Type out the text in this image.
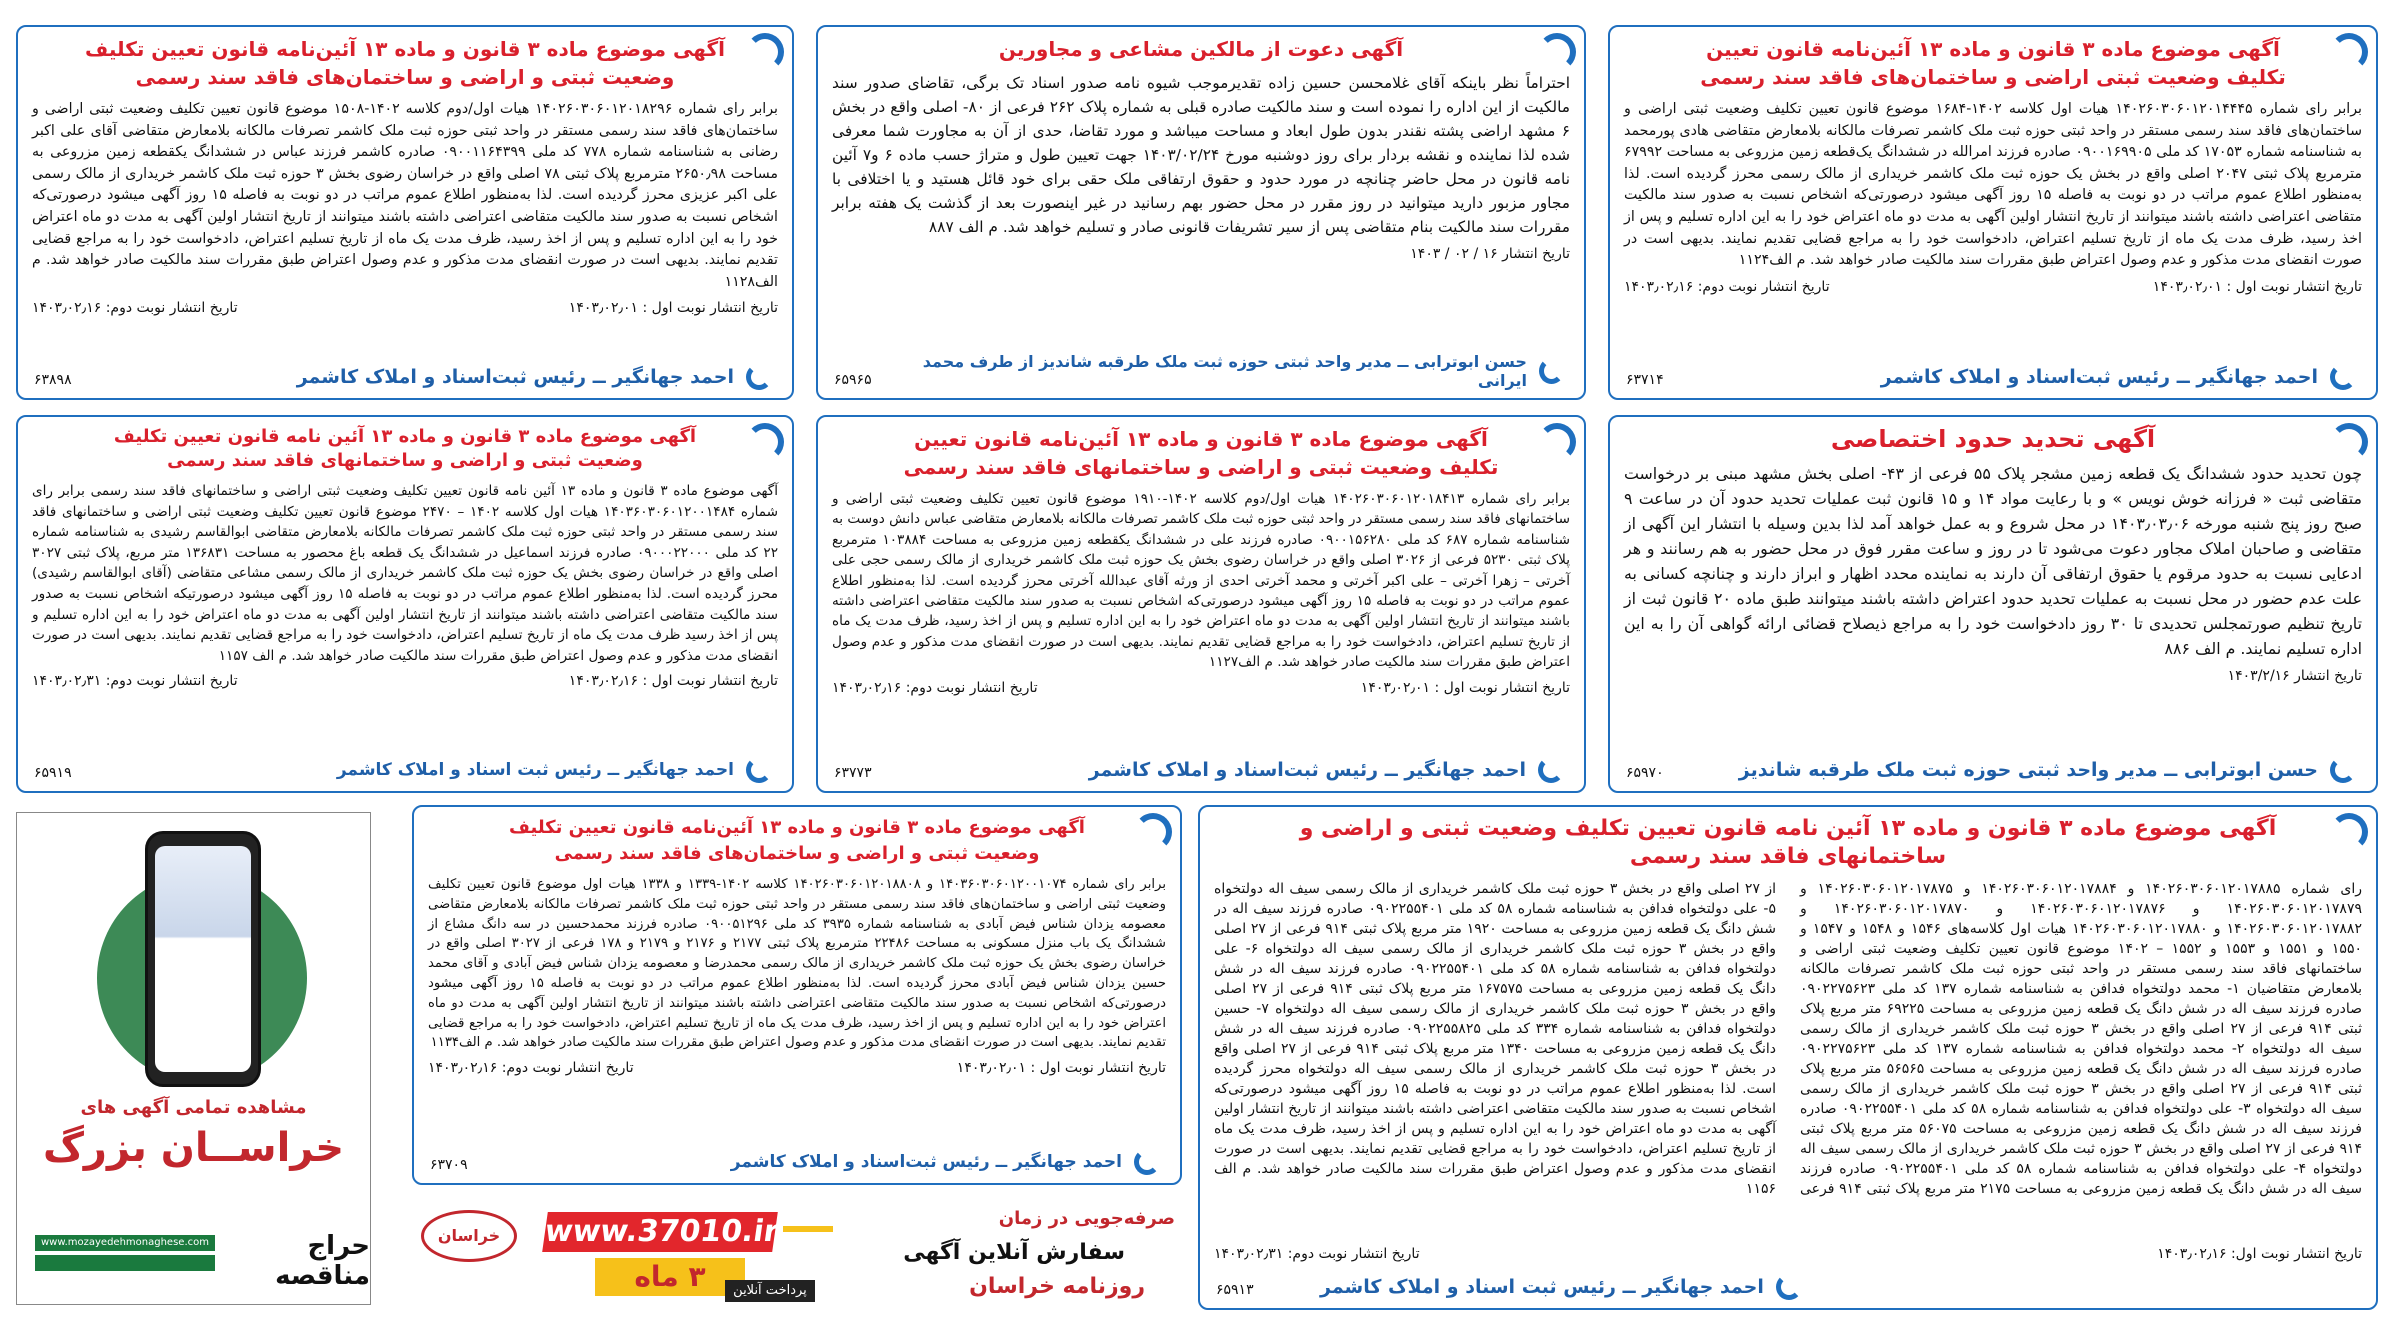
آگهی موضوع ماده ۳ قانون و ماده ۱۳ آئین‌نامه قانون تعیین تکلیف وضعیت ثبتی اراضی و ساختمان‌های فاقد سند رسمی
برابر رای شماره ۱۴۰۲۶۰۳۰۶۰۱۲۰۱۴۴۴۵ هیات اول کلاسه ۱۴۰۲-۱۶۸۴ موضوع قانون تعیین تکلیف وضعیت ثبتی اراضی و ساختمان‌های فاقد سند رسمی مستقر در واحد ثبتی حوزه ثبت ملک کاشمر تصرفات مالکانه بلامعارض متقاضی هادی پورمحمد به شناسنامه شماره ۱۷۰۵۳ کد ملی ۰۹۰۰۱۶۹۹۰۵ صادره فرزند امرالله در ششدانگ یک‌قطعه زمین مزروعی به مساحت ۶۷۹۹۲ مترمربع پلاک ثبتی ۲۰۴۷ اصلی واقع در بخش یک حوزه ثبت ملک کاشمر خریداری از مالک رسمی محرز گردیده است. لذا به‌منظور اطلاع عموم مراتب در دو نوبت به فاصله ۱۵ روز آگهی میشود درصورتی‌که اشخاص نسبت به صدور سند مالکیت متقاضی اعتراضی داشته باشند میتوانند از تاریخ انتشار اولین آگهی به مدت دو ماه اعتراض خود را به این اداره تسلیم و پس از اخذ رسید، ظرف مدت یک ماه از تاریخ تسلیم اعتراض، دادخواست خود را به مراجع قضایی تقدیم نمایند. بدیهی است در صورت انقضای مدت مذکور و عدم وصول اعتراض طبق مقررات سند مالکیت صادر خواهد شد. م الف۱۱۲۴
تاریخ انتشار نوبت اول : ۱۴۰۳٫۰۲٫۰۱
تاریخ انتشار نوبت دوم: ۱۴۰۳٫۰۲٫۱۶
احمد جهانگیر ــ رئیس ثبت‌اسناد و املاک کاشمر
۶۳۷۱۴
آگهی دعوت از مالکین مشاعی و مجاورین
احتراماً نظر باینکه آقای غلامحسن حسین زاده تقدیرموجب شیوه نامه صدور اسناد تک برگی، تقاضای صدور سند مالکیت از این اداره را نموده است و سند مالکیت صادره قبلی به شماره پلاک ۲۶۲ فرعی از ۸۰- اصلی واقع در بخش ۶ مشهد اراضی پشته نقندر بدون طول ابعاد و مساحت میباشد و مورد تقاضا، حدی از آن به مجاورت شما معرفی شده لذا نماینده و نقشه بردار برای روز دوشنبه مورخ ۱۴۰۳/۰۲/۲۴ جهت تعیین طول و متراژ حسب ماده ۶ و۷ آئین نامه قانون در محل حاضر چنانچه در مورد حدود و حقوق ارتفاقی ملک حقی برای خود قائل هستید و یا اختلافی با مجاور مزبور دارید میتوانید در روز مقرر در محل حضور بهم رسانید در غیر اینصورت بعد از گذشت یک هفته برابر مقررات سند مالکیت بنام متقاضی پس از سیر تشریفات قانونی صادر و تسلیم خواهد شد. م الف ۸۸۷
تاریخ انتشار ۱۶ / ۰۲ / ۱۴۰۳
حسن ابوترابی ــ مدیر واحد ثبتی حوزه ثبت ملک طرقبه شاندیز از طرف محمد ایرانی
۶۵۹۶۵
آگهی موضوع ماده ۳ قانون و ماده ۱۳ آئین‌نامه قانون تعیین تکلیف وضعیت ثبتی و اراضی و ساختمان‌های فاقد سند رسمی
برابر رای شماره ۱۴۰۲۶۰۳۰۶۰۱۲۰۱۸۲۹۶ هیات اول/دوم کلاسه ۱۴۰۲-۱۵۰۸ موضوع قانون تعیین تکلیف وضعیت ثبتی اراضی و ساختمان‌های فاقد سند رسمی مستقر در واحد ثبتی حوزه ثبت ملک کاشمر تصرفات مالکانه بلامعارض متقاضی آقای علی اکبر رضانی به شناسنامه شماره ۷۷۸ کد ملی ۰۹۰۰۱۱۶۴۳۹۹ صادره کاشمر فرزند عباس در ششدانگ یکقطعه زمین مزروعی به مساحت ۲۶۵۰٫۹۸ مترمربع پلاک ثبتی ۷۸ اصلی واقع در خراسان رضوی بخش ۳ حوزه ثبت ملک کاشمر خریداری از مالک رسمی علی اکبر عزیزی محرز گردیده است. لذا به‌منظور اطلاع عموم مراتب در دو نوبت به فاصله ۱۵ روز آگهی میشود درصورتی‌که اشخاص نسبت به صدور سند مالکیت متقاضی اعتراضی داشته باشند میتوانند از تاریخ انتشار اولین آگهی به مدت دو ماه اعتراض خود را به این اداره تسلیم و پس از اخذ رسید، ظرف مدت یک ماه از تاریخ تسلیم اعتراض، دادخواست خود را به مراجع قضایی تقدیم نمایند. بدیهی است در صورت انقضای مدت مذکور و عدم وصول اعتراض طبق مقررات سند مالکیت صادر خواهد شد. م الف۱۱۲۸
تاریخ انتشار نوبت اول : ۱۴۰۳٫۰۲٫۰۱
تاریخ انتشار نوبت دوم: ۱۴۰۳٫۰۲٫۱۶
احمد جهانگیر ــ رئیس ثبت‌اسناد و املاک کاشمر
۶۳۸۹۸
آگهی تحدید حدود اختصاصی
چون تحدید حدود ششدانگ یک قطعه زمین مشجر پلاک ۵۵ فرعی از ۴۳- اصلی بخش مشهد مبنی بر درخواست متقاضی ثبت « فرزانه خوش نویس » و با رعایت مواد ۱۴ و ۱۵ قانون ثبت عملیات تحدید حدود آن در ساعت ۹ صبح روز پنج شنبه مورخه ۱۴۰۳٫۰۳٫۰۶ در محل شروع و به عمل خواهد آمد لذا بدین وسیله با انتشار این آگهی از متقاضی و صاحبان املاک مجاور دعوت می‌شود تا در روز و ساعت مقرر فوق در محل حضور به هم رسانند و هر ادعایی نسبت به حدود مرقوم یا حقوق ارتفاقی آن دارند به نماینده محدد اظهار و ابراز دارند و چنانچه کسانی به علت عدم حضور در محل نسبت به عملیات تحدید حدود اعتراض داشته باشند میتوانند طبق ماده ۲۰ قانون ثبت از تاریخ تنظیم صورتمجلس تحدیدی تا ۳۰ روز دادخواست خود را به مراجع ذیصلاح قضائی ارائه گواهی آن را به این اداره تسلیم نمایند. م الف ۸۸۶
تاریخ انتشار ۱۴۰۳/۲/۱۶
حسن ابوترابی ــ مدیر واحد ثبتی حوزه ثبت ملک طرقبه شاندیز
۶۵۹۷۰
آگهی موضوع ماده ۳ قانون و ماده ۱۳ آئین‌نامه قانون تعیین تکلیف وضعیت ثبتی و اراضی و ساختمانهای فاقد سند رسمی
برابر رای شماره ۱۴۰۲۶۰۳۰۶۰۱۲۰۱۸۴۱۳ هیات اول/دوم کلاسه ۱۴۰۲-۱۹۱۰ موضوع قانون تعیین تکلیف وضعیت ثبتی اراضی و ساختمانهای فاقد سند رسمی مستقر در واحد ثبتی حوزه ثبت ملک کاشمر تصرفات مالکانه بلامعارض متقاضی عباس دانش دوست به شناسنامه شماره ۶۸۷ کد ملی ۰۹۰۰۱۵۶۲۸۰ صادره فرزند علی در ششدانگ یکقطعه زمین مزروعی به مساحت ۱۰۳۸۸۴ مترمربع پلاک ثبتی ۵۲۳۰ فرعی از ۳۰۲۶ اصلی واقع در خراسان رضوی بخش یک حوزه ثبت ملک کاشمر خریداری از مالک رسمی حجی علی آخرتی – زهرا آخرتی – علی اکبر آخرتی و محمد آخرتی احدی از ورثه آقای عبدالله آخرتی محرز گردیده است. لذا به‌منظور اطلاع عموم مراتب در دو نوبت به فاصله ۱۵ روز آگهی میشود درصورتی‌که اشخاص نسبت به صدور سند مالکیت متقاضی اعتراضی داشته باشند میتوانند از تاریخ انتشار اولین آگهی به مدت دو ماه اعتراض خود را به این اداره تسلیم و پس از اخذ رسید، ظرف مدت یک ماه از تاریخ تسلیم اعتراض، دادخواست خود را به مراجع قضایی تقدیم نمایند. بدیهی است در صورت انقضای مدت مذکور و عدم وصول اعتراض طبق مقررات سند مالکیت صادر خواهد شد. م الف۱۱۲۷
تاریخ انتشار نوبت اول : ۱۴۰۳٫۰۲٫۰۱
تاریخ انتشار نوبت دوم: ۱۴۰۳٫۰۲٫۱۶
احمد جهانگیر ــ رئیس ثبت‌اسناد و املاک کاشمر
۶۳۷۷۳
آگهی موضوع ماده ۳ قانون و ماده ۱۳ آئین نامه قانون تعیین تکلیف وضعیت ثبتی و اراضی و ساختمانهای فاقد سند رسمی
آگهی موضوع ماده ۳ قانون و ماده ۱۳ آئین نامه قانون تعیین تکلیف وضعیت ثبتی اراضی و ساختمانهای فاقد سند رسمی برابر رای شماره ۱۴۰۳۶۰۳۰۶۰۱۲۰۰۱۴۸۴ هیات اول کلاسه ۱۴۰۲ – ۲۴۷۰ موضوع قانون تعیین تکلیف وضعیت ثبتی اراضی و ساختمانهای فاقد سند رسمی مستقر در واحد ثبتی حوزه ثبت ملک کاشمر تصرفات مالکانه بلامعارض متقاضی ابوالقاسم رشیدی به شناسنامه شماره ۲۲ کد ملی ۰۹۰۰۰۲۲۰۰۰ صادره فرزند اسماعیل در ششدانگ یک قطعه باغ محصور به مساحت ۱۳۶۸۳۱ متر مربع، پلاک ثبتی ۳۰۲۷ اصلی واقع در خراسان رضوی بخش یک حوزه ثبت ملک کاشمر خریداری از مالک رسمی مشاعی متقاضی (آقای ابوالقاسم رشیدی) محرز گردیده است. لذا به‌منظور اطلاع عموم مراتب در دو نوبت به فاصله ۱۵ روز آگهی میشود درصورتیکه اشخاص نسبت به صدور سند مالکیت متقاضی اعتراضی داشته باشند میتوانند از تاریخ انتشار اولین آگهی به مدت دو ماه اعتراض خود را به این اداره تسلیم و پس از اخذ رسید ظرف مدت یک ماه از تاریخ تسلیم اعتراض، دادخواست خود را به مراجع قضایی تقدیم نمایند. بدیهی است در صورت انقضای مدت مذکور و عدم وصول اعتراض طبق مقررات سند مالکیت صادر خواهد شد. م الف ۱۱۵۷
تاریخ انتشار نوبت اول : ۱۴۰۳٫۰۲٫۱۶
تاریخ انتشار نوبت دوم: ۱۴۰۳٫۰۲٫۳۱
احمد جهانگیر ــ رئیس ثبت اسناد و املاک کاشمر
۶۵۹۱۹
آگهی موضوع ماده ۳ قانون و ماده ۱۳ آئین نامه قانون تعیین تکلیف وضعیت ثبتی و اراضی و ساختمانهای فاقد سند رسمی
رای شماره ۱۴۰۲۶۰۳۰۶۰۱۲۰۱۷۸۸۵ و ۱۴۰۲۶۰۳۰۶۰۱۲۰۱۷۸۸۴ و ۱۴۰۲۶۰۳۰۶۰۱۲۰۱۷۸۷۵ و ۱۴۰۲۶۰۳۰۶۰۱۲۰۱۷۸۷۹ و ۱۴۰۲۶۰۳۰۶۰۱۲۰۱۷۸۷۶ و ۱۴۰۲۶۰۳۰۶۰۱۲۰۱۷۸۷۰ و ۱۴۰۲۶۰۳۰۶۰۱۲۰۱۷۸۸۲ و ۱۴۰۲۶۰۳۰۶۰۱۲۰۱۷۸۸۰ هیات اول کلاسه‌های ۱۵۴۶ و ۱۵۴۸ و ۱۵۴۷ و ۱۵۵۰ و ۱۵۵۱ و ۱۵۵۳ و ۱۵۵۲ – ۱۴۰۲ موضوع قانون تعیین تکلیف وضعیت ثبتی اراضی و ساختمانهای فاقد سند رسمی مستقر در واحد ثبتی حوزه ثبت ملک کاشمر تصرفات مالکانه بلامعارض متقاضیان ۱- محمد دولتخواه فدافن به شناسنامه شماره ۱۳۷ کد ملی ۰۹۰۲۲۷۵۶۲۳ صادره فرزند سیف اله در شش دانگ یک قطعه زمین مزروعی به مساحت ۶۹۲۲۵ متر مربع پلاک ثبتی ۹۱۴ فرعی از ۲۷ اصلی واقع در بخش ۳ حوزه ثبت ملک کاشمر خریداری از مالک رسمی سیف اله دولتخواه ۲- محمد دولتخواه فدافن به شناسنامه شماره ۱۳۷ کد ملی ۰۹۰۲۲۷۵۶۲۳ صادره فرزند سیف اله در شش دانگ یک قطعه زمین مزروعی به مساحت ۵۶۵۶۵ متر مربع پلاک ثبتی ۹۱۴ فرعی از ۲۷ اصلی واقع در بخش ۳ حوزه ثبت ملک کاشمر خریداری از مالک رسمی سیف اله دولتخواه ۳- علی دولتخواه فدافن به شناسنامه شماره ۵۸ کد ملی ۰۹۰۲۲۵۵۴۰۱ صادره فرزند سیف اله در شش دانگ یک قطعه زمین مزروعی به مساحت ۵۶۰۷۵ متر مربع پلاک ثبتی ۹۱۴ فرعی از ۲۷ اصلی واقع در بخش ۳ حوزه ثبت ملک کاشمر خریداری از مالک رسمی سیف اله دولتخواه ۴- علی دولتخواه فدافن به شناسنامه شماره ۵۸ کد ملی ۰۹۰۲۲۵۵۴۰۱ صادره فرزند سیف اله در شش دانگ یک قطعه زمین مزروعی به مساحت ۲۱۷۵ متر مربع پلاک ثبتی ۹۱۴ فرعی از ۲۷ اصلی واقع در بخش ۳ حوزه ثبت ملک کاشمر خریداری از مالک رسمی سیف اله دولتخواه ۵- علی دولتخواه فدافن به شناسنامه شماره ۵۸ کد ملی ۰۹۰۲۲۵۵۴۰۱ صادره فرزند سیف اله در شش دانگ یک قطعه زمین مزروعی به مساحت ۱۹۲۰ متر مربع پلاک ثبتی ۹۱۴ فرعی از ۲۷ اصلی واقع در بخش ۳ حوزه ثبت ملک کاشمر خریداری از مالک رسمی سیف اله دولتخواه ۶- علی دولتخواه فدافن به شناسنامه شماره ۵۸ کد ملی ۰۹۰۲۲۵۵۴۰۱ صادره فرزند سیف اله در شش دانگ یک قطعه زمین مزروعی به مساحت ۱۶۷۵۷۵ متر مربع پلاک ثبتی ۹۱۴ فرعی از ۲۷ اصلی واقع در بخش ۳ حوزه ثبت ملک کاشمر خریداری از مالک رسمی سیف اله دولتخواه ۷- حسین دولتخواه فدافن به شناسنامه شماره ۳۳۴ کد ملی ۰۹۰۲۲۵۵۸۲۵ صادره فرزند سیف اله در شش دانگ یک قطعه زمین مزروعی به مساحت ۱۳۴۰ متر مربع پلاک ثبتی ۹۱۴ فرعی از ۲۷ اصلی واقع در بخش ۳ حوزه ثبت ملک کاشمر خریداری از مالک رسمی سیف اله دولتخواه محرز گردیده است. لذا به‌منظور اطلاع عموم مراتب در دو نوبت به فاصله ۱۵ روز آگهی میشود درصورتی‌که اشخاص نسبت به صدور سند مالکیت متقاضی اعتراضی داشته باشند میتوانند از تاریخ انتشار اولین آگهی به مدت دو ماه اعتراض خود را به این اداره تسلیم و پس از اخذ رسید، ظرف مدت یک ماه از تاریخ تسلیم اعتراض، دادخواست خود را به مراجع قضایی تقدیم نمایند. بدیهی است در صورت انقضای مدت مذکور و عدم وصول اعتراض طبق مقررات سند مالکیت صادر خواهد شد. م الف ۱۱۵۶
تاریخ انتشار نوبت اول: ۱۴۰۳٫۰۲٫۱۶
تاریخ انتشار نوبت دوم: ۱۴۰۳٫۰۲٫۳۱
احمد جهانگیر ــ رئیس ثبت اسناد و املاک کاشمر
۶۵۹۱۳
آگهی موضوع ماده ۳ قانون و ماده ۱۳ آئین‌نامه قانون تعیین تکلیف وضعیت ثبتی و اراضی و ساختمان‌های فاقد سند رسمی
برابر رای شماره ۱۴۰۳۶۰۳۰۶۰۱۲۰۰۱۰۷۴ و ۱۴۰۲۶۰۳۰۶۰۱۲۰۱۸۸۰۸ کلاسه ۱۴۰۲-۱۳۳۹ و ۱۳۳۸ هیات اول موضوع قانون تعیین تکلیف وضعیت ثبتی اراضی و ساختمان‌های فاقد سند رسمی مستقر در واحد ثبتی حوزه ثبت ملک کاشمر تصرفات مالکانه بلامعارض متقاضی معصومه یزدان شناس فیض آبادی به شناسنامه شماره ۳۹۳۵ کد ملی ۰۹۰۰۵۱۲۹۶ صادره فرزند محمدحسین در سه دانگ مشاع از ششدانگ یک باب منزل مسکونی به مساحت ۲۲۴۸۶ مترمربع پلاک ثبتی ۲۱۷۷ و ۲۱۷۶ و ۲۱۷۹ و ۱۷۸ فرعی از ۳۰۲۷ اصلی واقع در خراسان رضوی بخش یک حوزه ثبت ملک کاشمر خریداری از مالک رسمی محمدرضا و معصومه یزدان شناس فیض آبادی و آقای محمد حسین یزدان شناس فیض آبادی محرز گردیده است. لذا به‌منظور اطلاع عموم مراتب در دو نوبت به فاصله ۱۵ روز آگهی میشود درصورتی‌که اشخاص نسبت به صدور سند مالکیت متقاضی اعتراضی داشته باشند میتوانند از تاریخ انتشار اولین آگهی به مدت دو ماه اعتراض خود را به این اداره تسلیم و پس از اخذ رسید، ظرف مدت یک ماه از تاریخ تسلیم اعتراض، دادخواست خود را به مراجع قضایی تقدیم نمایند. بدیهی است در صورت انقضای مدت مذکور و عدم وصول اعتراض طبق مقررات سند مالکیت صادر خواهد شد. م الف۱۱۳۴
تاریخ انتشار نوبت اول : ۱۴۰۳٫۰۲٫۰۱
تاریخ انتشار نوبت دوم: ۱۴۰۳٫۰۲٫۱۶
احمد جهانگیر ــ رئیس ثبت‌اسناد و املاک کاشمر
۶۳۷۰۹
خراسان	www.37010.ir
۳ ماه	پرداخت آنلاین
صرفه‌جویی در زمان
سفارش آنلاین آگهی
روزنامه خراسان
مشاهده تمامی آگهی های
خراســان بزرگ
www.mozayedehmonaghese.com	حراج مناقصه
